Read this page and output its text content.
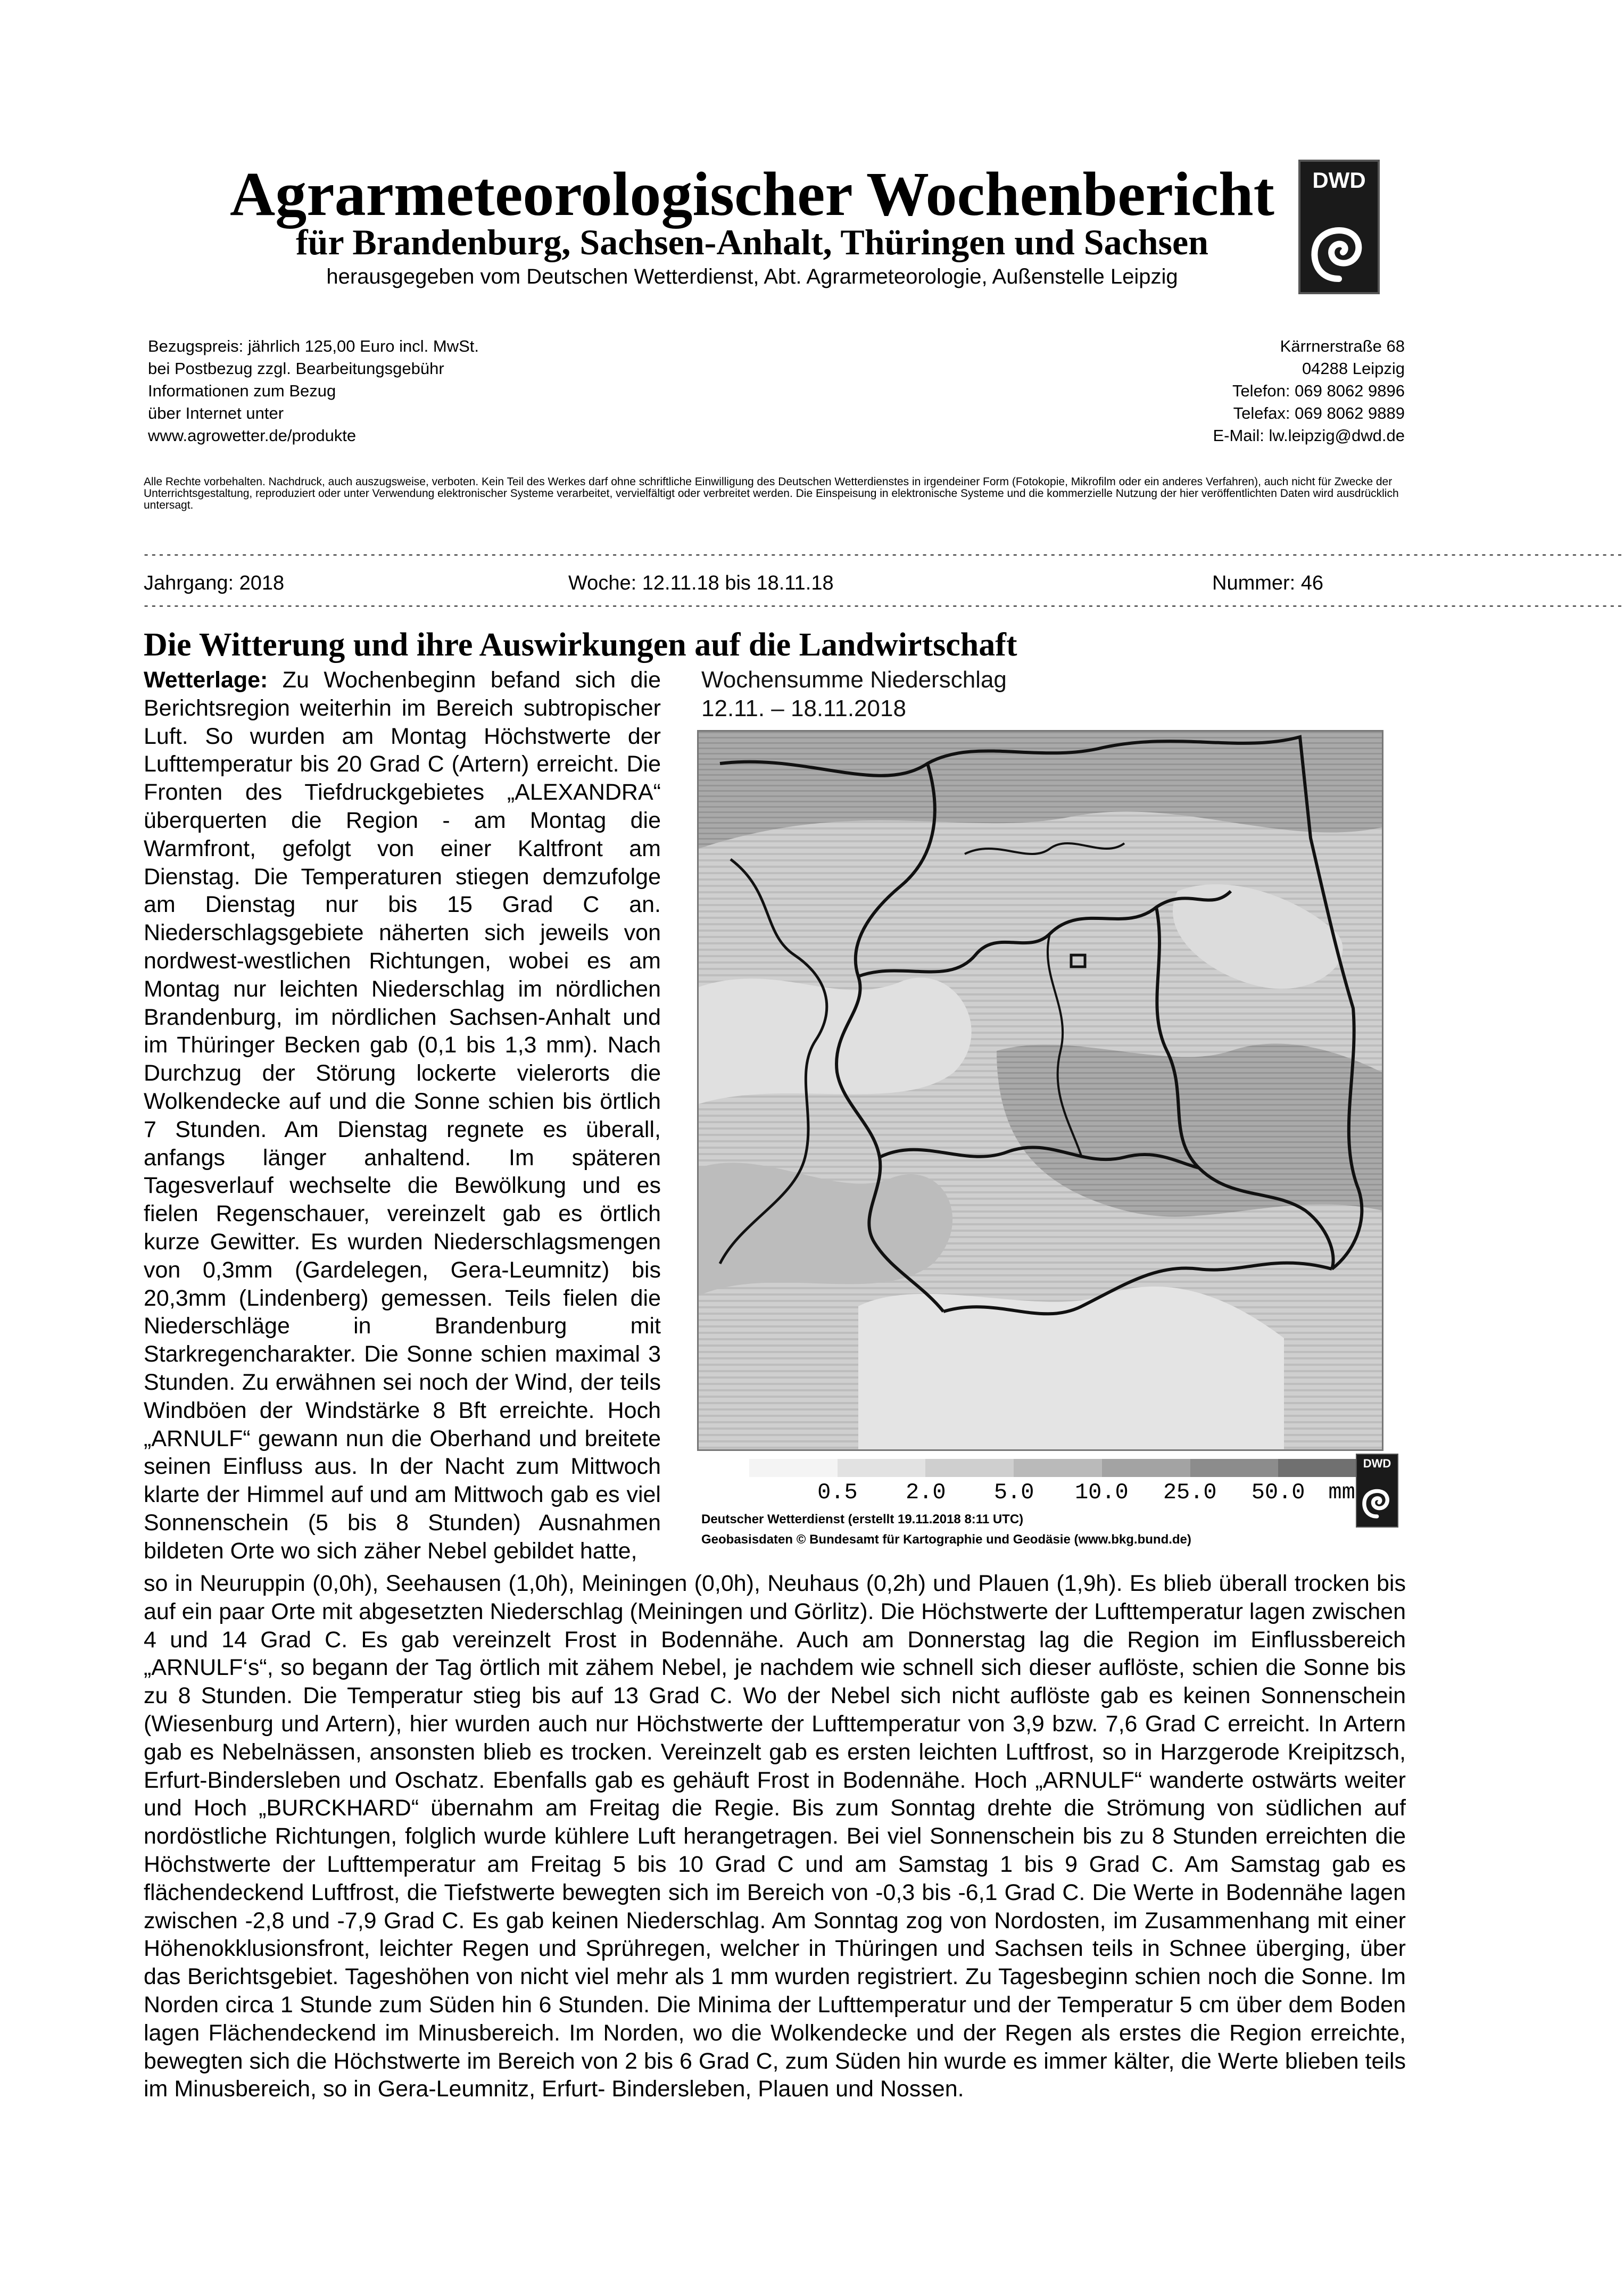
Agrarmeteorologischer Wochenbericht
für Brandenburg, Sachsen-Anhalt, Thüringen und Sachsen
herausgegeben vom Deutschen Wetterdienst, Abt. Agrarmeteorologie, Außenstelle Leipzig
DWD
Bezugspreis: jährlich 125,00 Euro incl. MwSt.
bei Postbezug zzgl. Bearbeitungsgebühr
Informationen zum Bezug
über Internet unter
www.agrowetter.de/produkte
Kärrnerstraße 68
04288 Leipzig
Telefon: 069 8062 9896
Telefax: 069 8062 9889
E-Mail: lw.leipzig@dwd.de
Alle Rechte vorbehalten. Nachdruck, auch auszugsweise, verboten. Kein Teil des Werkes darf ohne schriftliche Einwilligung des Deutschen Wetterdienstes in irgendeiner Form (Fotokopie, Mikrofilm oder ein anderes Verfahren), auch nicht für Zwecke der Unterrichtsgestaltung, reproduziert oder unter Verwendung elektronischer Systeme verarbeitet, vervielfältigt oder verbreitet werden. Die Einspeisung in elektronische Systeme und die kommerzielle Nutzung der hier veröffentlichten Daten wird ausdrücklich untersagt.
----------------------------------------------------------------------------------------------------------------------------------------------------------------------------------------------------
Jahrgang: 2018	Woche: 12.11.18 bis 18.11.18	Nummer: 46
----------------------------------------------------------------------------------------------------------------------------------------------------------------------------------------------------
Die Witterung und ihre Auswirkungen auf die Landwirtschaft
Wetterlage: Zu Wochenbeginn befand sich die Berichtsregion weiterhin im Bereich subtropischer Luft. So wurden am Montag Höchstwerte der Lufttemperatur bis 20 Grad C (Artern) erreicht. Die Fronten des Tiefdruckgebietes „ALEXANDRA“ überquerten die Region - am Montag die Warmfront, gefolgt von einer Kaltfront am Dienstag. Die Temperaturen stiegen demzufolge am Dienstag nur bis 15 Grad C an. Niederschlagsgebiete näherten sich jeweils von nordwest-westlichen Richtungen, wobei es am Montag nur leichten Niederschlag im nördlichen Brandenburg, im nördlichen Sachsen-Anhalt und im Thüringer Becken gab (0,1 bis 1,3 mm). Nach Durchzug der Störung lockerte vielerorts die Wolkendecke auf und die Sonne schien bis örtlich 7 Stunden. Am Dienstag regnete es überall, anfangs länger anhaltend. Im späteren Tagesverlauf wechselte die Bewölkung und es fielen Regenschauer, vereinzelt gab es örtlich kurze Gewitter. Es wurden Niederschlagsmengen von 0,3mm (Gardelegen, Gera-Leumnitz) bis 20,3mm (Lindenberg) gemessen. Teils fielen die Niederschläge in Brandenburg mit Starkregencharakter. Die Sonne schien maximal 3 Stunden. Zu erwähnen sei noch der Wind, der teils Windböen der Windstärke 8 Bft erreichte. Hoch „ARNULF“ gewann nun die Oberhand und breitete seinen Einfluss aus. In der Nacht zum Mittwoch klarte der Himmel auf und am Mittwoch gab es viel Sonnenschein (5 bis 8 Stunden) Ausnahmen bildeten Orte wo sich zäher Nebel gebildet hatte,
Wochensumme Niederschlag
12.11. – 18.11.2018
0.5 2.0 5.0 10.0 25.0 50.0 mm
Deutscher Wetterdienst (erstellt 19.11.2018 8:11 UTC)
Geobasisdaten © Bundesamt für Kartographie und Geodäsie (www.bkg.bund.de)
DWD
so in Neuruppin (0,0h), Seehausen (1,0h), Meiningen (0,0h), Neuhaus (0,2h) und Plauen (1,9h). Es blieb überall trocken bis auf ein paar Orte mit abgesetzten Niederschlag (Meiningen und Görlitz). Die Höchstwerte der Lufttemperatur lagen zwischen 4 und 14 Grad C. Es gab vereinzelt Frost in Bodennähe. Auch am Donnerstag lag die Region im Einflussbereich „ARNULF‘s“, so begann der Tag örtlich mit zähem Nebel, je nachdem wie schnell sich dieser auflöste, schien die Sonne bis zu 8 Stunden. Die Temperatur stieg bis auf 13 Grad C. Wo der Nebel sich nicht auflöste gab es keinen Sonnenschein (Wiesenburg und Artern), hier wurden auch nur Höchstwerte der Lufttemperatur von 3,9 bzw. 7,6 Grad C erreicht. In Artern gab es Nebelnässen, ansonsten blieb es trocken. Vereinzelt gab es ersten leichten Luftfrost, so in Harzgerode Kreipitzsch, Erfurt-Bindersleben und Oschatz. Ebenfalls gab es gehäuft Frost in Bodennähe. Hoch „ARNULF“ wanderte ostwärts weiter und Hoch „BURCKHARD“ übernahm am Freitag die Regie. Bis zum Sonntag drehte die Strömung von südlichen auf nordöstliche Richtungen, folglich wurde kühlere Luft herangetragen. Bei viel Sonnenschein bis zu 8 Stunden erreichten die Höchstwerte der Lufttemperatur am Freitag 5 bis 10 Grad C und am Samstag 1 bis 9 Grad C. Am Samstag gab es flächendeckend Luftfrost, die Tiefstwerte bewegten sich im Bereich von -0,3 bis -6,1 Grad C. Die Werte in Bodennähe lagen zwischen -2,8 und -7,9 Grad C. Es gab keinen Niederschlag. Am Sonntag zog von Nordosten, im Zusammenhang mit einer Höhenokklusionsfront, leichter Regen und Sprühregen, welcher in Thüringen und Sachsen teils in Schnee überging, über das Berichtsgebiet. Tageshöhen von nicht viel mehr als 1 mm wurden registriert. Zu Tagesbeginn schien noch die Sonne. Im Norden circa 1 Stunde zum Süden hin 6 Stunden. Die Minima der Lufttemperatur und der Temperatur 5 cm über dem Boden lagen Flächendeckend im Minusbereich. Im Norden, wo die Wolkendecke und der Regen als erstes die Region erreichte, bewegten sich die Höchstwerte im Bereich von 2 bis 6 Grad C, zum Süden hin wurde es immer kälter, die Werte blieben teils im Minusbereich, so in Gera-Leumnitz, Erfurt- Bindersleben, Plauen und Nossen.
